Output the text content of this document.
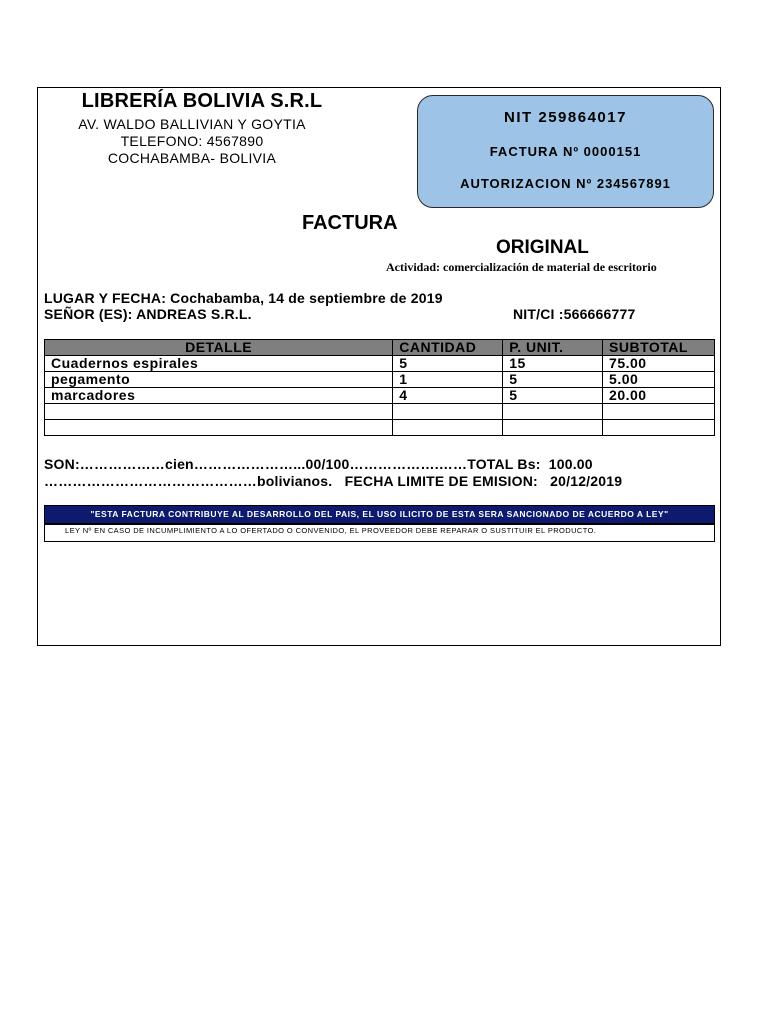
LIBRERÍA BOLIVIA S.R.L
AV. WALDO BALLIVIAN Y GOYTIA
TELEFONO: 4567890
COCHABAMBA- BOLIVIA
NIT 259864017
FACTURA Nº 0000151
AUTORIZACION Nº 234567891
FACTURA
ORIGINAL
Actividad: comercialización de material de escritorio
LUGAR Y FECHA: Cochabamba, 14 de septiembre de 2019
SEÑOR (ES): ANDREAS S.R.L.	NIT/CI :566666777
DETALLE	CANTIDAD	P. UNIT.	SUBTOTAL
Cuadernos espirales	5	15	75.00
pegamento	1	5	5.00
marcadores	4	5	20.00

SON:………………cien…………………...00/100……………….……TOTAL Bs:  100.00
………………………………………bolivianos.   FECHA LIMITE DE EMISION:   20/12/2019
"ESTA FACTURA CONTRIBUYE AL DESARROLLO DEL PAIS, EL USO ILICITO DE ESTA SERA SANCIONADO DE ACUERDO A LEY"
LEY Nº EN CASO DE INCUMPLIMIENTO A LO OFERTADO O CONVENIDO, EL PROVEEDOR DEBE REPARAR O SUSTITUIR EL PRODUCTO.
